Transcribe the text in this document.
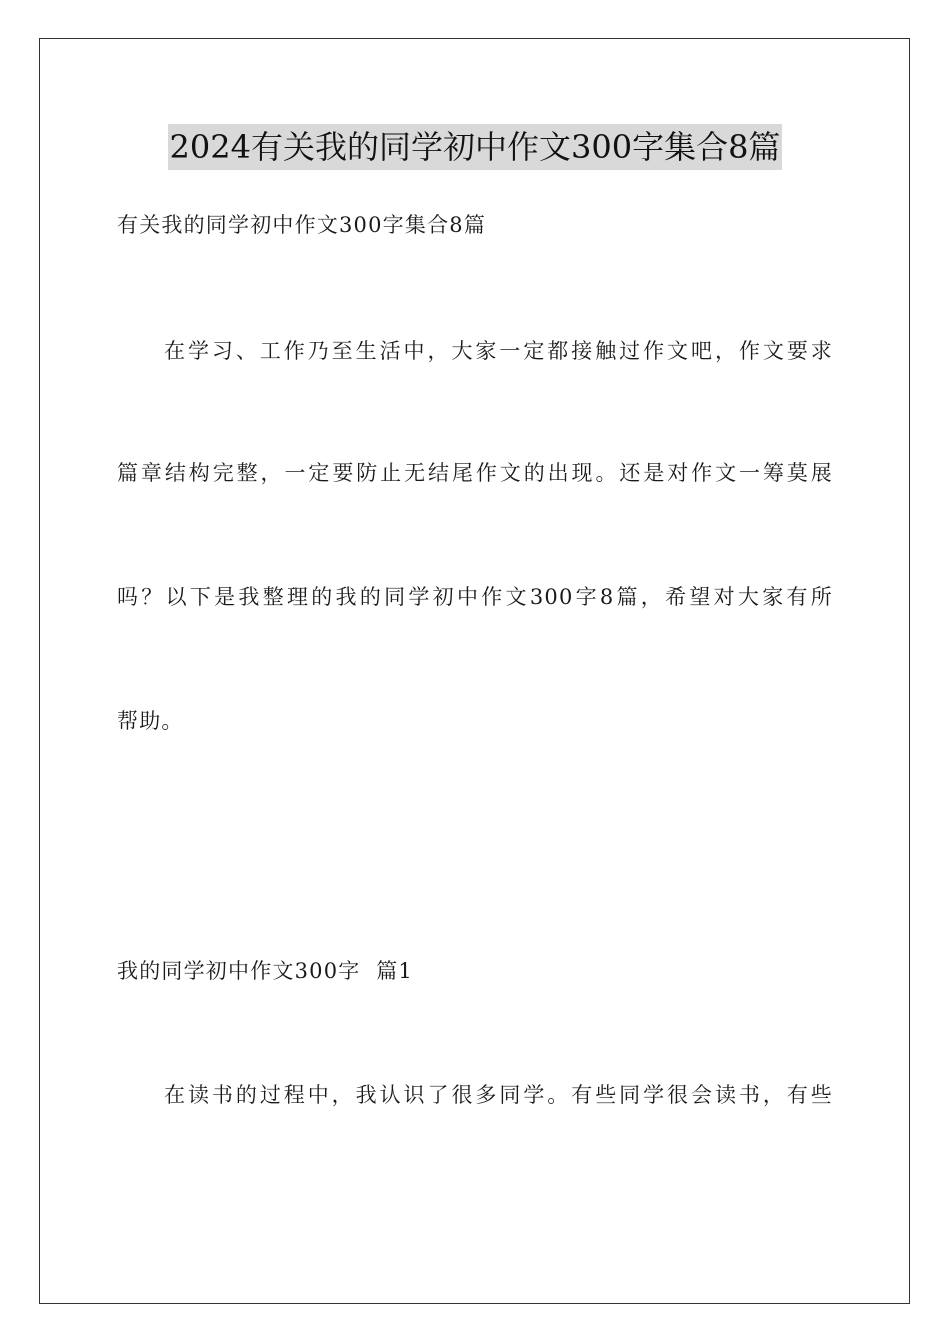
2024有关我的同学初中作文300字集合8篇
有关我的同学初中作文300字集合8篇
在学习、工作乃至生活中，大家一定都接触过作文吧，作文要求
篇章结构完整，一定要防止无结尾作文的出现。还是对作文一筹莫展
吗？以下是我整理的我的同学初中作文300字8篇，希望对大家有所
帮助。
我的同学初中作文300字  篇1
在读书的过程中，我认识了很多同学。有些同学很会读书，有些
